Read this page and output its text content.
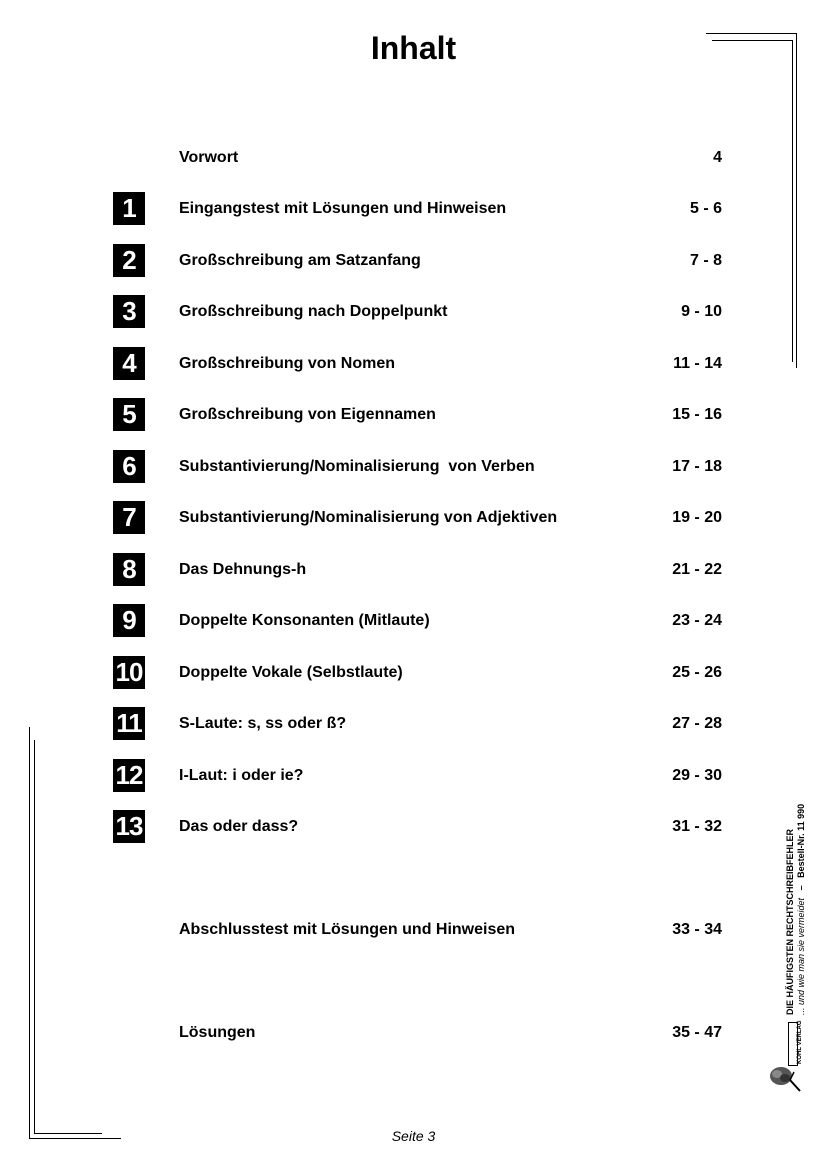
Inhalt
Vorwort	4
1	Eingangstest mit Lösungen und Hinweisen	5 - 6
2	Großschreibung am Satzanfang	7 - 8
3	Großschreibung nach Doppelpunkt	9 - 10
4	Großschreibung von Nomen	11 - 14
5	Großschreibung von Eigennamen	15 - 16
6	Substantivierung/Nominalisierung  von Verben	17 - 18
7	Substantivierung/Nominalisierung von Adjektiven	19 - 20
8	Das Dehnungs-h	21 - 22
9	Doppelte Konsonanten (Mitlaute)	23 - 24
10 Doppelte Vokale (Selbstlaute)	25 - 26
11 S-Laute: s, ss oder ß?	27 - 28
12 I-Laut: i oder ie?	29 - 30
13 Das oder dass?	31 - 32
Abschlusstest mit Lösungen und Hinweisen	33 - 34
Lösungen	35 - 47
DIE HÄUFIGSTEN RECHTSCHREIBFEHLER ... und wie man sie vermeidet   –   Bestell-Nr. 11 990
KOHL VERLAG
Seite 3
